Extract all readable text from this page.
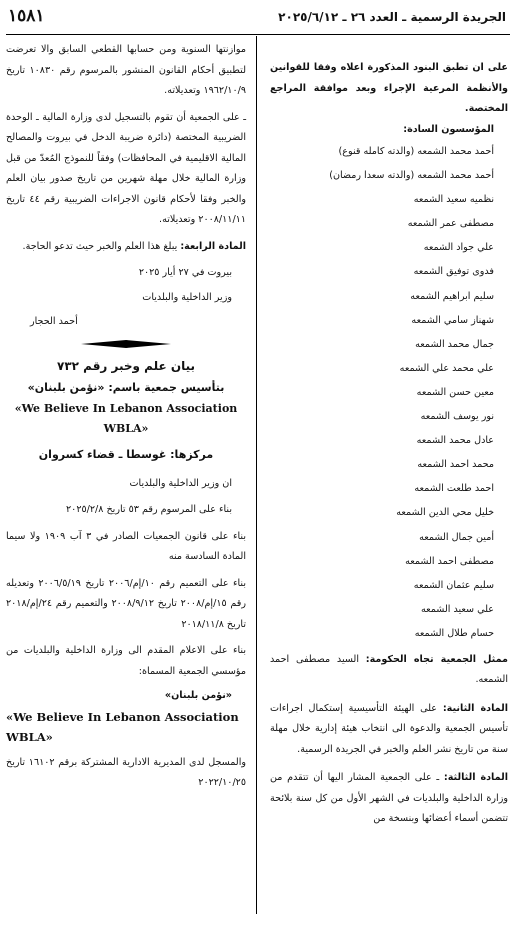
الجريدة الرسمية ـ العدد ٢٦ ـ ٢٠٢٥/٦/١٢
١٥٨١

على ان تطبق البنود المذكورة اعلاه وفقا للقوانين والأنظمة المرعية الإجراء وبعد موافقة المراجع المختصة.

المؤسسون السادة:

أحمد محمد الشمعه (والدته كامله قنوع)
أحمد محمد الشمعه (والدته سعدا رمضان)
نظميه سعيد الشمعه
مصطفى عمر الشمعه
علي جواد الشمعه
فدوى توفيق الشمعه
سليم ابراهيم الشمعه
شهناز سامي الشمعه
جمال محمد الشمعه
علي محمد علي الشمعه
معين حسن الشمعه
نور يوسف الشمعه
عادل محمد الشمعه
محمد احمد الشمعه
احمد طلعت الشمعه
خليل محي الدين الشمعه
أمين جمال الشمعه
مصطفى احمد الشمعه
سليم عثمان الشمعه
علي سعيد الشمعه
حسام طلال الشمعه

ممثل الجمعية تجاه الحكومة: السيد مصطفى احمد الشمعه.

المادة الثانية: على الهيئة التأسيسية إستكمال اجراءات تأسيس الجمعية والدعوة الى انتخاب هيئة إدارية خلال مهلة سنة من تاريخ نشر العلم والخبر في الجريدة الرسمية.

المادة الثالثة: ـ على الجمعية المشار اليها أن تتقدم من وزارة الداخلية والبلديات في الشهر الأول من كل سنة بلائحة تتضمن أسماء أعضائها وبنسخة من

موازنتها السنوية ومن حسابها القطعي السابق والا تعرضت لتطبيق أحكام القانون المنشور بالمرسوم رقم ١٠٨٣٠ تاريخ ١٩٦٢/١٠/٩ وتعديلاته.

ـ على الجمعية أن تقوم بالتسجيل لدى وزارة المالية ـ الوحدة الضريبية المختصة (دائرة ضريبة الدخل في بيروت والمصالح المالية الاقليمية في المحافظات) وفقاً للنموذج المُعدّ من قبل وزارة المالية خلال مهلة شهرين من تاريخ صدور بيان العلم والخبر وفقا لأحكام قانون الاجراءات الضريبية رقم ٤٤ تاريخ ٢٠٠٨/١١/١١ وتعديلاته.

المادة الرابعة: يبلغ هذا العلم والخبر حيث تدعو الحاجة.

بيروت في ٢٧ أيار ٢٠٢٥

وزير الداخلية والبلديات

أحمد الحجار

بيان علم وخبر رقم ٧٣٢

بتأسيس جمعية باسم: «نؤمن بلبنان»

«We Believe In Lebanon Association WBLA»

مركزها: غوسطا ـ قضاء كسروان

ان وزير الداخلية والبلديات

بناء على المرسوم رقم ٥٣ تاريخ ٢٠٢٥/٢/٨

بناء على قانون الجمعيات الصادر في ٣ آب ١٩٠٩ ولا سيما المادة السادسة منه

بناء على التعميم رقم ١٠/إم/٢٠٠٦ تاريخ ٢٠٠٦/٥/١٩ وتعديله رقم ١٥/إم/٢٠٠٨ تاريخ ٢٠٠٨/٩/١٢ والتعميم رقم ٢٤/إم/٢٠١٨ تاريخ ٢٠١٨/١١/٨

بناء على الاعلام المقدم الى وزارة الداخلية والبلديات من مؤسسي الجمعية المسماة:

«نؤمن بلبنان»

«We Believe In Lebanon Association WBLA»

والمسجل لدى المديرية الادارية المشتركة برقم ١٦١٠٢ تاريخ ٢٠٢٢/١٠/٢٥
